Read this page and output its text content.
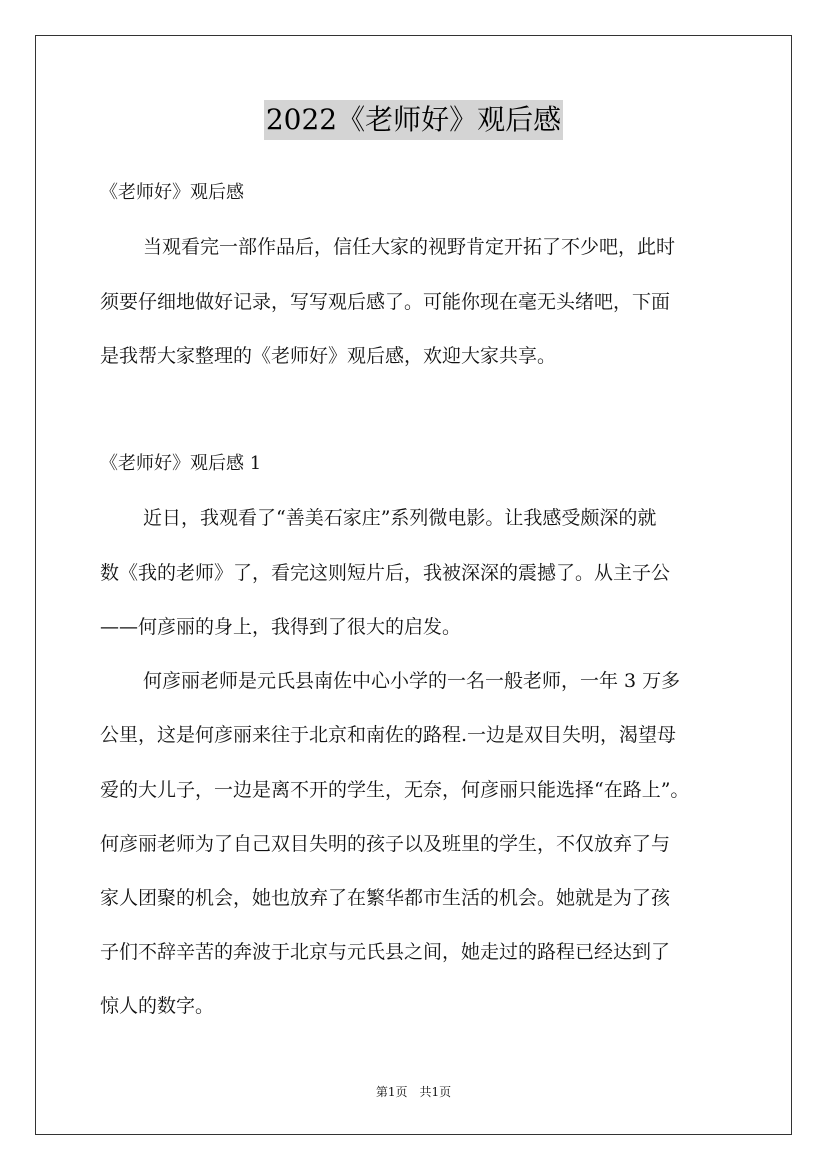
2022《老师好》观后感
《老师好》观后感
当观看完一部作品后，信任大家的视野肯定开拓了不少吧，此时
须要仔细地做好记录，写写观后感了。可能你现在毫无头绪吧，下面
是我帮大家整理的《老师好》观后感，欢迎大家共享。
《老师好》观后感 1
近日，我观看了“善美石家庄”系列微电影。让我感受颇深的就
数《我的老师》了，看完这则短片后，我被深深的震撼了。从主子公
——何彦丽的身上，我得到了很大的启发。
何彦丽老师是元氏县南佐中心小学的一名一般老师，一年 3 万多
公里，这是何彦丽来往于北京和南佐的路程.一边是双目失明，渴望母
爱的大儿子，一边是离不开的学生，无奈，何彦丽只能选择“在路上”。
何彦丽老师为了自己双目失明的孩子以及班里的学生，不仅放弃了与
家人团聚的机会，她也放弃了在繁华都市生活的机会。她就是为了孩
子们不辞辛苦的奔波于北京与元氏县之间，她走过的路程已经达到了
惊人的数字。
第1页 共1页
